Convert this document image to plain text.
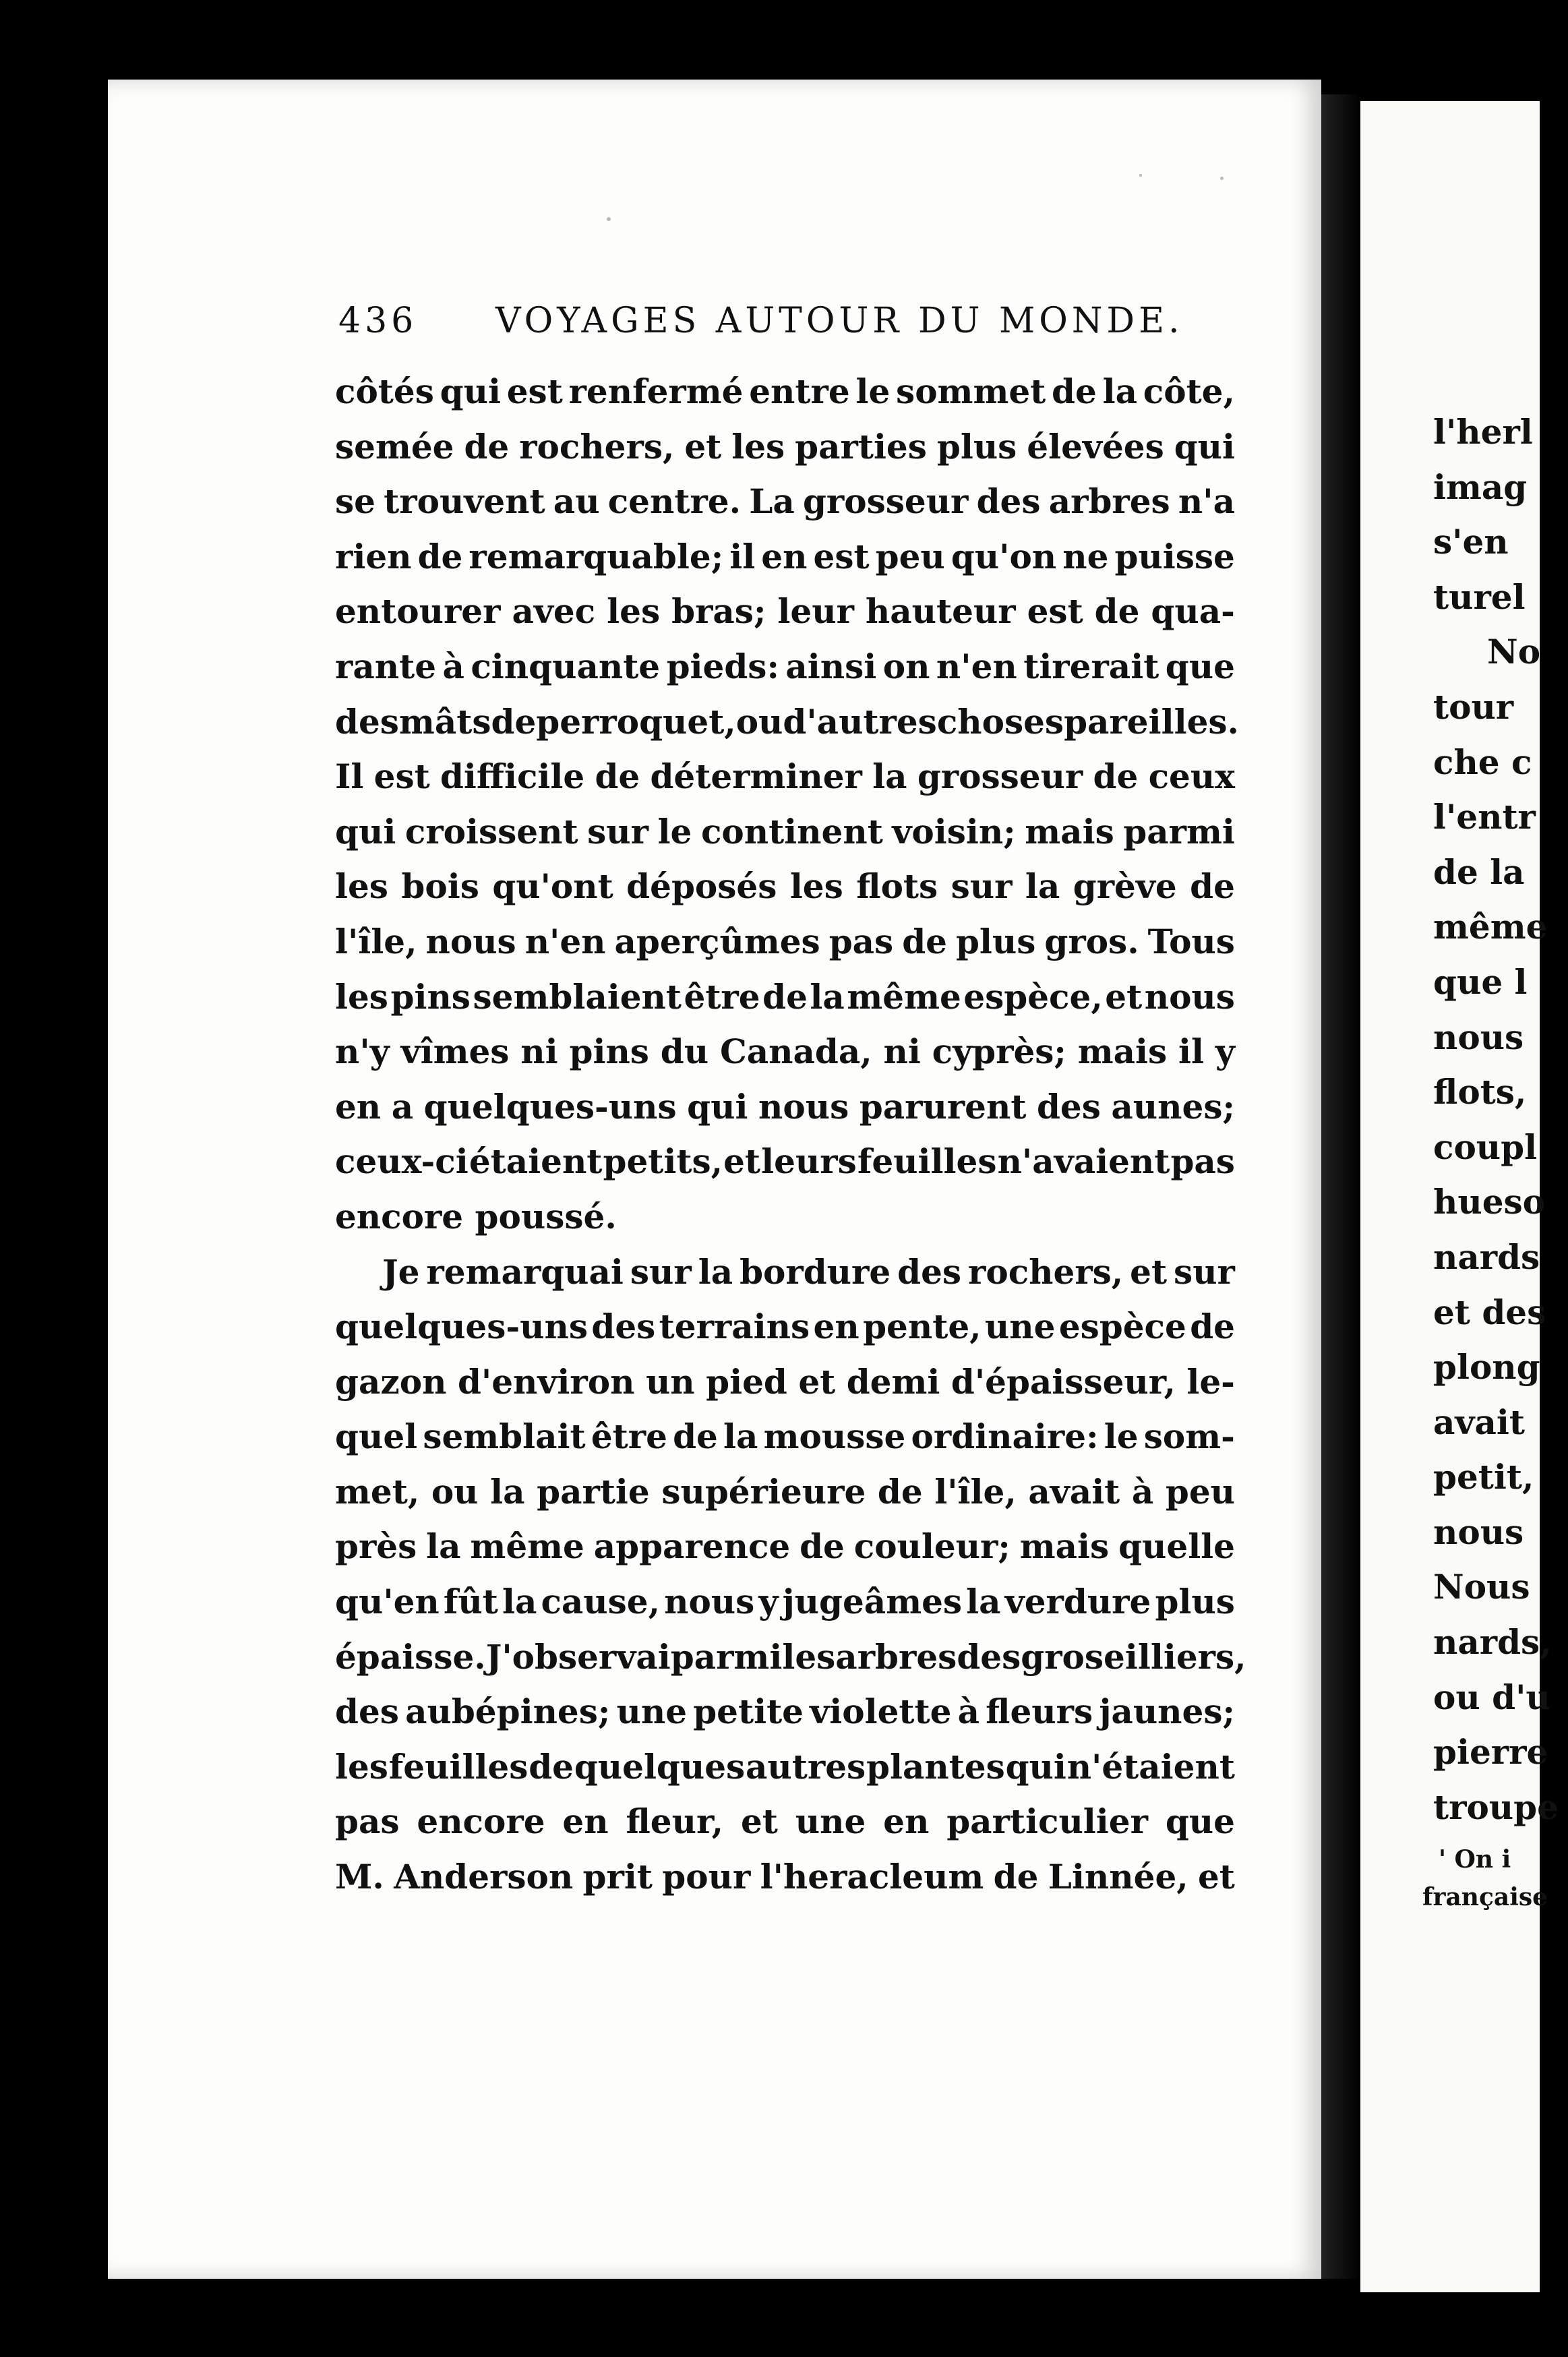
436 VOYAGES AUTOUR DU MONDE.
côtés qui est renfermé entre le sommet de la côte,
semée de rochers, et les parties plus élevées qui
se trouvent au centre. La grosseur des arbres n'a
rien de remarquable; il en est peu qu'on ne puisse
entourer avec les bras; leur hauteur est de qua-
rante à cinquante pieds: ainsi on n'en tirerait que
des mâts de perroquet, ou d'autres choses pareilles.
Il est difficile de déterminer la grosseur de ceux
qui croissent sur le continent voisin; mais parmi
les bois qu'ont déposés les flots sur la grève de
l'île, nous n'en aperçûmes pas de plus gros. Tous
les pins semblaient être de la même espèce, et nous
n'y vîmes ni pins du Canada, ni cyprès; mais il y
en a quelques-uns qui nous parurent des aunes;
ceux-ci étaient petits, et leurs feuilles n'avaient pas
encore
poussé.
Je remarquai sur la bordure des rochers, et sur
quelques-uns des terrains en pente, une espèce de
gazon d'environ un pied et demi d'épaisseur, le-
quel semblait être de la mousse ordinaire: le som-
met, ou la partie supérieure de l'île, avait à peu
près la même apparence de couleur; mais quelle
qu'en fût la cause, nous y jugeâmes la verdure plus
épaisse. J'observai parmi les arbres des groseilliers,
des aubépines; une petite violette à fleurs jaunes;
les feuilles de quelques autres plantes qui n'étaient
pas encore en fleur, et une en particulier que
M. Anderson prit pour l'heracleum de Linnée, et
l'herl
imag
s'en
turel
No
tour
che c
l'entr
de la
même
que l
nous
flots,
coupl
hueso
nards
et des
plong
avait
petit,
nous
Nous
nards,
ou d'u
pierre
troupe
' On i
française
